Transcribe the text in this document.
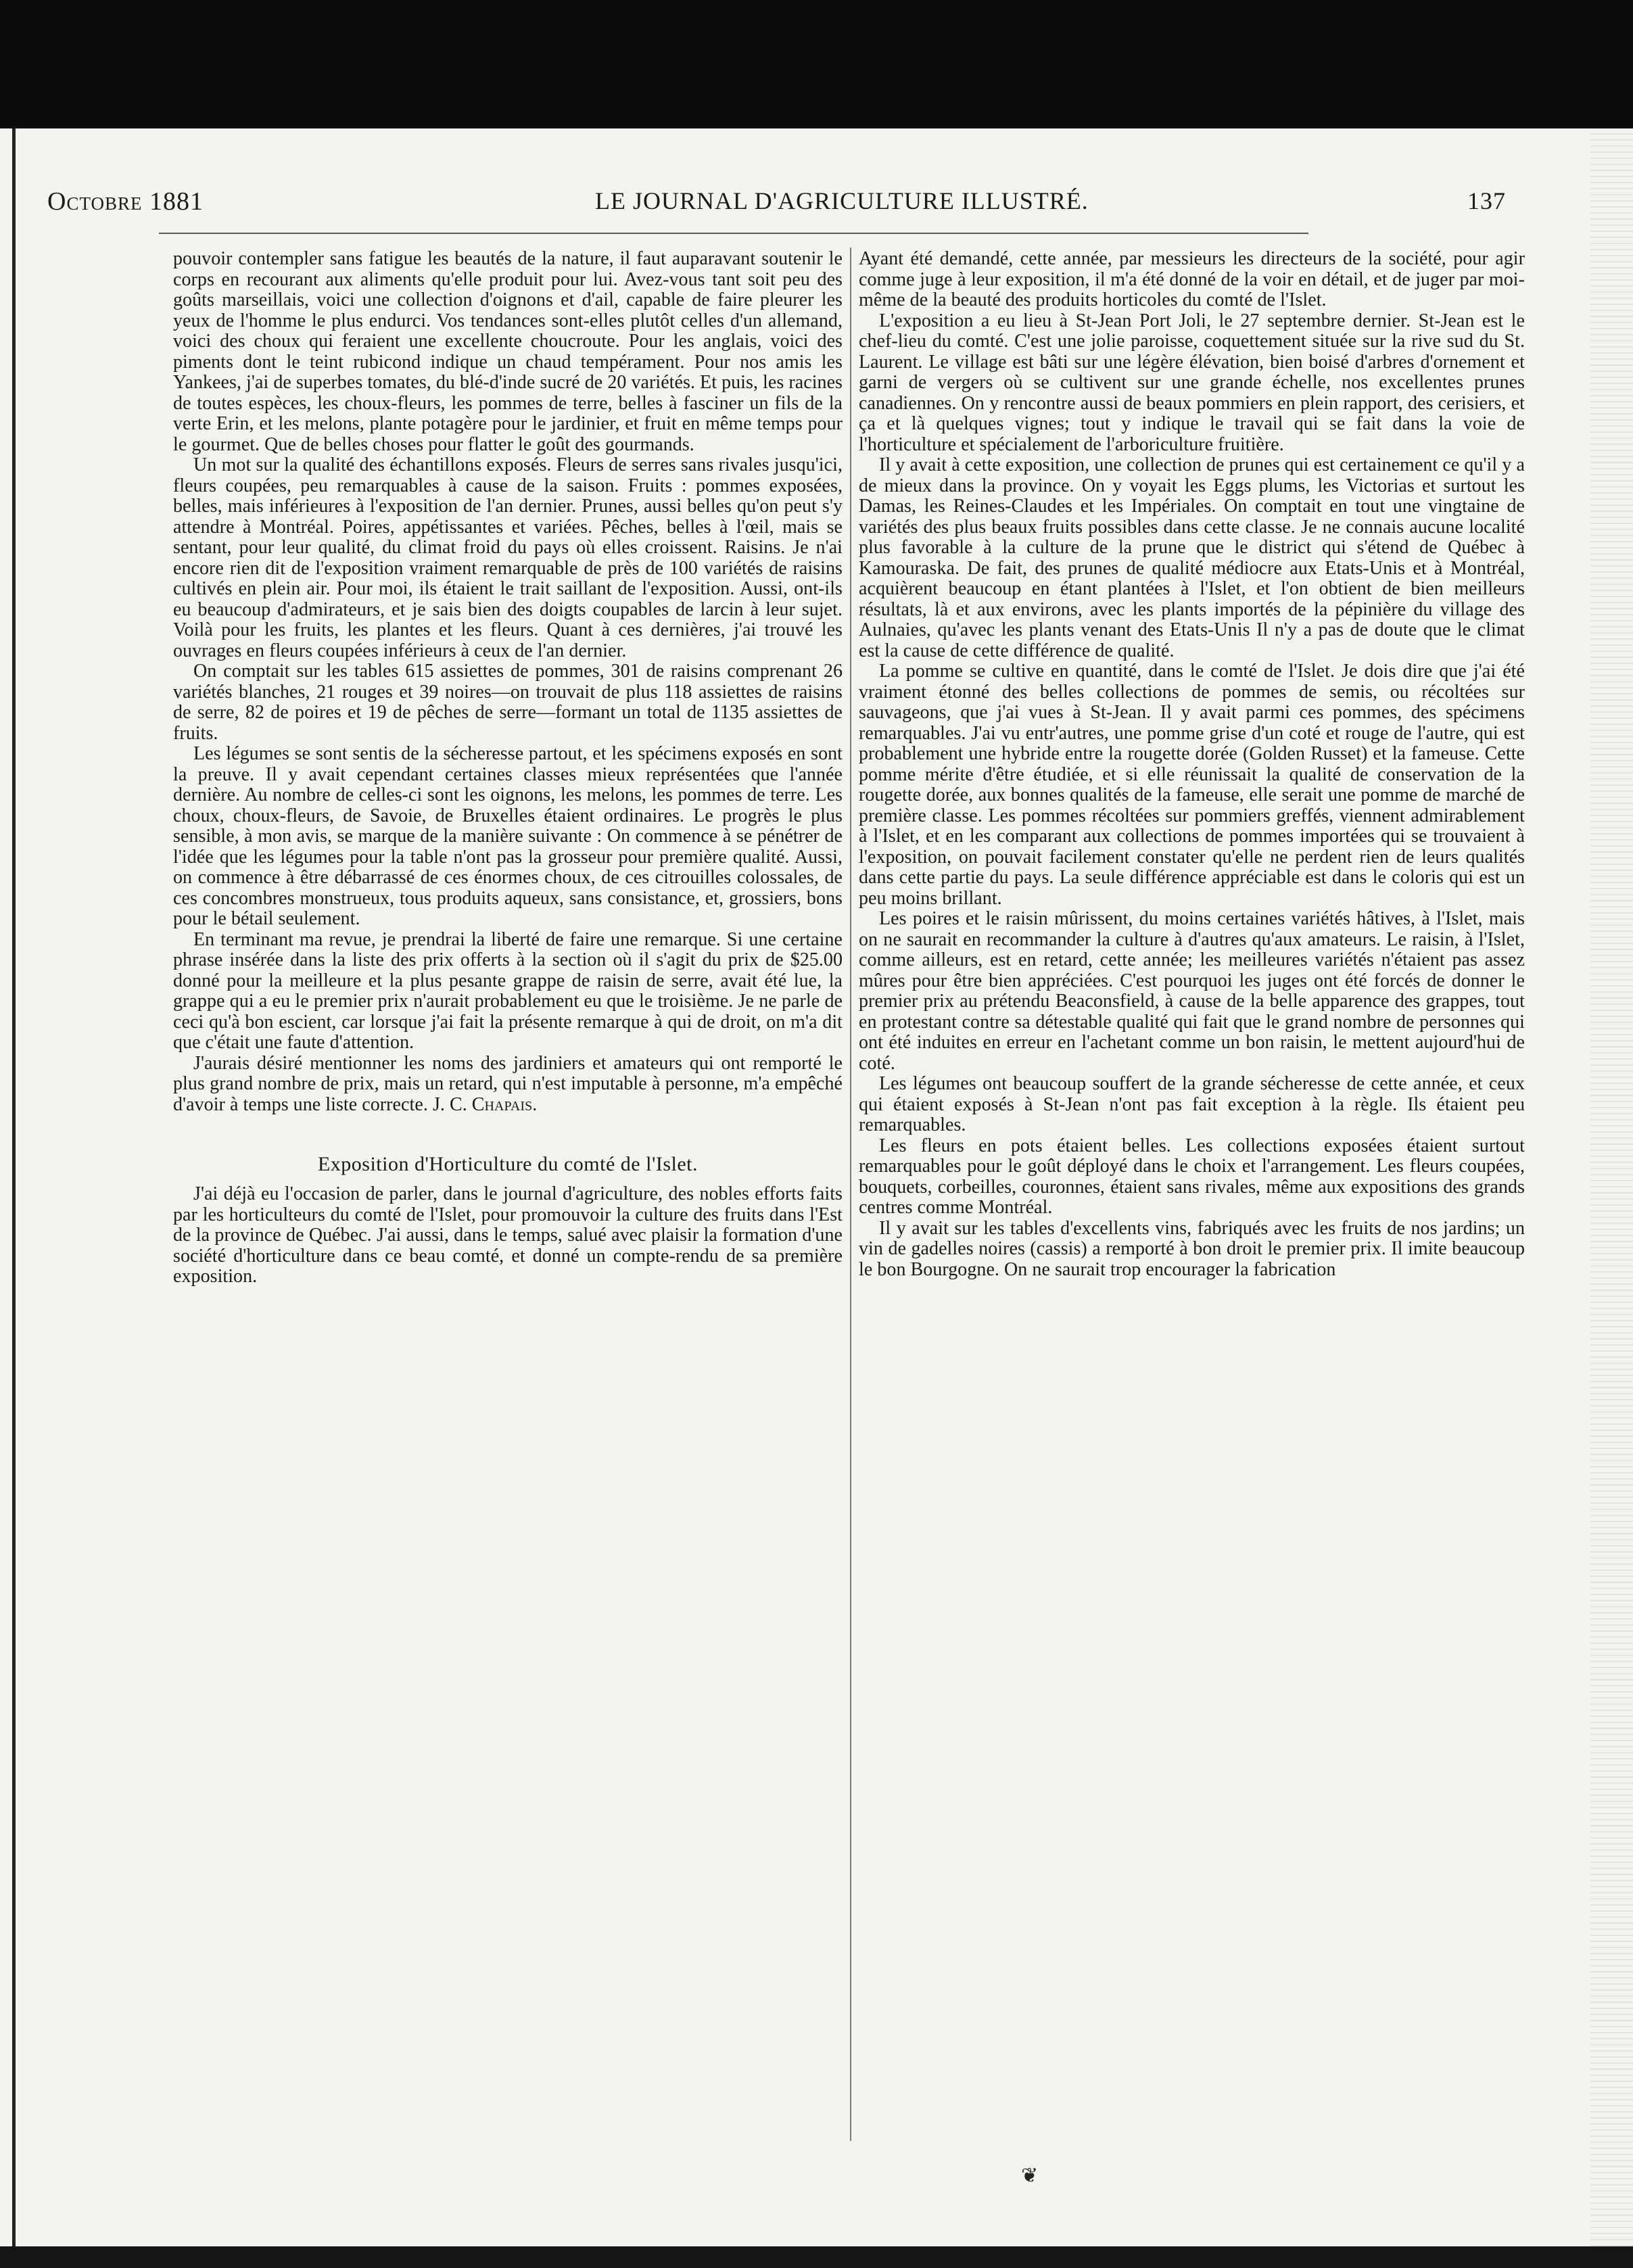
Octobre 1881	LE JOURNAL D'AGRICULTURE ILLUSTRÉ.	137

pouvoir contempler sans fatigue les beautés de la nature, il faut auparavant soutenir le corps en recourant aux aliments qu'elle produit pour lui. Avez-vous tant soit peu des goûts marseillais, voici une collection d'oignons et d'ail, capable de faire pleurer les yeux de l'homme le plus endurci. Vos tendances sont-elles plutôt celles d'un allemand, voici des choux qui feraient une excellente choucroute. Pour les anglais, voici des piments dont le teint rubicond indique un chaud tempérament. Pour nos amis les Yankees, j'ai de superbes tomates, du blé-d'inde sucré de 20 variétés. Et puis, les racines de toutes espèces, les choux-fleurs, les pommes de terre, belles à fasciner un fils de la verte Erin, et les melons, plante potagère pour le jardinier, et fruit en même temps pour le gourmet. Que de belles choses pour flatter le goût des gourmands.

Un mot sur la qualité des échantillons exposés. Fleurs de serres sans rivales jusqu'ici, fleurs coupées, peu remarquables à cause de la saison. Fruits : pommes exposées, belles, mais inférieures à l'exposition de l'an dernier. Prunes, aussi belles qu'on peut s'y attendre à Montréal. Poires, appétissantes et variées. Pêches, belles à l'œil, mais se sentant, pour leur qualité, du climat froid du pays où elles croissent. Raisins. Je n'ai encore rien dit de l'exposition vraiment remarquable de près de 100 variétés de raisins cultivés en plein air. Pour moi, ils étaient le trait saillant de l'exposition. Aussi, ont-ils eu beaucoup d'admirateurs, et je sais bien des doigts coupables de larcin à leur sujet. Voilà pour les fruits, les plantes et les fleurs. Quant à ces dernières, j'ai trouvé les ouvrages en fleurs coupées inférieurs à ceux de l'an dernier.

On comptait sur les tables 615 assiettes de pommes, 301 de raisins comprenant 26 variétés blanches, 21 rouges et 39 noires—on trouvait de plus 118 assiettes de raisins de serre, 82 de poires et 19 de pêches de serre—formant un total de 1135 assiettes de fruits.

Les légumes se sont sentis de la sécheresse partout, et les spécimens exposés en sont la preuve. Il y avait cependant certaines classes mieux représentées que l'année dernière. Au nombre de celles-ci sont les oignons, les melons, les pommes de terre. Les choux, choux-fleurs, de Savoie, de Bruxelles étaient ordinaires. Le progrès le plus sensible, à mon avis, se marque de la manière suivante : On commence à se pénétrer de l'idée que les légumes pour la table n'ont pas la grosseur pour première qualité. Aussi, on commence à être débarrassé de ces énormes choux, de ces citrouilles colossales, de ces concombres monstrueux, tous produits aqueux, sans consistance, et, grossiers, bons pour le bétail seulement.

En terminant ma revue, je prendrai la liberté de faire une remarque. Si une certaine phrase insérée dans la liste des prix offerts à la section où il s'agit du prix de $25.00 donné pour la meilleure et la plus pesante grappe de raisin de serre, avait été lue, la grappe qui a eu le premier prix n'aurait probablement eu que le troisième. Je ne parle de ceci qu'à bon escient, car lorsque j'ai fait la présente remarque à qui de droit, on m'a dit que c'était une faute d'attention.

J'aurais désiré mentionner les noms des jardiniers et amateurs qui ont remporté le plus grand nombre de prix, mais un retard, qui n'est imputable à personne, m'a empêché d'avoir à temps une liste correcte. J. C. Chapais.

Exposition d'Horticulture du comté de l'Islet.

J'ai déjà eu l'occasion de parler, dans le journal d'agriculture, des nobles efforts faits par les horticulteurs du comté de l'Islet, pour promouvoir la culture des fruits dans l'Est de la province de Québec. J'ai aussi, dans le temps, salué avec plaisir la formation d'une société d'horticulture dans ce beau comté, et donné un compte-rendu de sa première exposition.

Ayant été demandé, cette année, par messieurs les directeurs de la société, pour agir comme juge à leur exposition, il m'a été donné de la voir en détail, et de juger par moi-même de la beauté des produits horticoles du comté de l'Islet.

L'exposition a eu lieu à St-Jean Port Joli, le 27 septembre dernier. St-Jean est le chef-lieu du comté. C'est une jolie paroisse, coquettement située sur la rive sud du St. Laurent. Le village est bâti sur une légère élévation, bien boisé d'arbres d'ornement et garni de vergers où se cultivent sur une grande échelle, nos excellentes prunes canadiennes. On y rencontre aussi de beaux pommiers en plein rapport, des cerisiers, et ça et là quelques vignes; tout y indique le travail qui se fait dans la voie de l'horticulture et spécialement de l'arboriculture fruitière.

Il y avait à cette exposition, une collection de prunes qui est certainement ce qu'il y a de mieux dans la province. On y voyait les Eggs plums, les Victorias et surtout les Damas, les Reines-Claudes et les Impériales. On comptait en tout une vingtaine de variétés des plus beaux fruits possibles dans cette classe. Je ne connais aucune localité plus favorable à la culture de la prune que le district qui s'étend de Québec à Kamouraska. De fait, des prunes de qualité médiocre aux Etats-Unis et à Montréal, acquièrent beaucoup en étant plantées à l'Islet, et l'on obtient de bien meilleurs résultats, là et aux environs, avec les plants importés de la pépinière du village des Aulnaies, qu'avec les plants venant des Etats-Unis Il n'y a pas de doute que le climat est la cause de cette différence de qualité.

La pomme se cultive en quantité, dans le comté de l'Islet. Je dois dire que j'ai été vraiment étonné des belles collections de pommes de semis, ou récoltées sur sauvageons, que j'ai vues à St-Jean. Il y avait parmi ces pommes, des spécimens remarquables. J'ai vu entr'autres, une pomme grise d'un coté et rouge de l'autre, qui est probablement une hybride entre la rougette dorée (Golden Russet) et la fameuse. Cette pomme mérite d'être étudiée, et si elle réunissait la qualité de conservation de la rougette dorée, aux bonnes qualités de la fameuse, elle serait une pomme de marché de première classe. Les pommes récoltées sur pommiers greffés, viennent admirablement à l'Islet, et en les comparant aux collections de pommes importées qui se trouvaient à l'exposition, on pouvait facilement constater qu'elle ne perdent rien de leurs qualités dans cette partie du pays. La seule différence appréciable est dans le coloris qui est un peu moins brillant.

Les poires et le raisin mûrissent, du moins certaines variétés hâtives, à l'Islet, mais on ne saurait en recommander la culture à d'autres qu'aux amateurs. Le raisin, à l'Islet, comme ailleurs, est en retard, cette année; les meilleures variétés n'étaient pas assez mûres pour être bien appréciées. C'est pourquoi les juges ont été forcés de donner le premier prix au prétendu Beaconsfield, à cause de la belle apparence des grappes, tout en protestant contre sa détestable qualité qui fait que le grand nombre de personnes qui ont été induites en erreur en l'achetant comme un bon raisin, le mettent aujourd'hui de coté.

Les légumes ont beaucoup souffert de la grande sécheresse de cette année, et ceux qui étaient exposés à St-Jean n'ont pas fait exception à la règle. Ils étaient peu remarquables.

Les fleurs en pots étaient belles. Les collections exposées étaient surtout remarquables pour le goût déployé dans le choix et l'arrangement. Les fleurs coupées, bouquets, corbeilles, couronnes, étaient sans rivales, même aux expositions des grands centres comme Montréal.

Il y avait sur les tables d'excellents vins, fabriqués avec les fruits de nos jardins; un vin de gadelles noires (cassis) a remporté à bon droit le premier prix. Il imite beaucoup le bon Bourgogne. On ne saurait trop encourager la fabrication

❦
